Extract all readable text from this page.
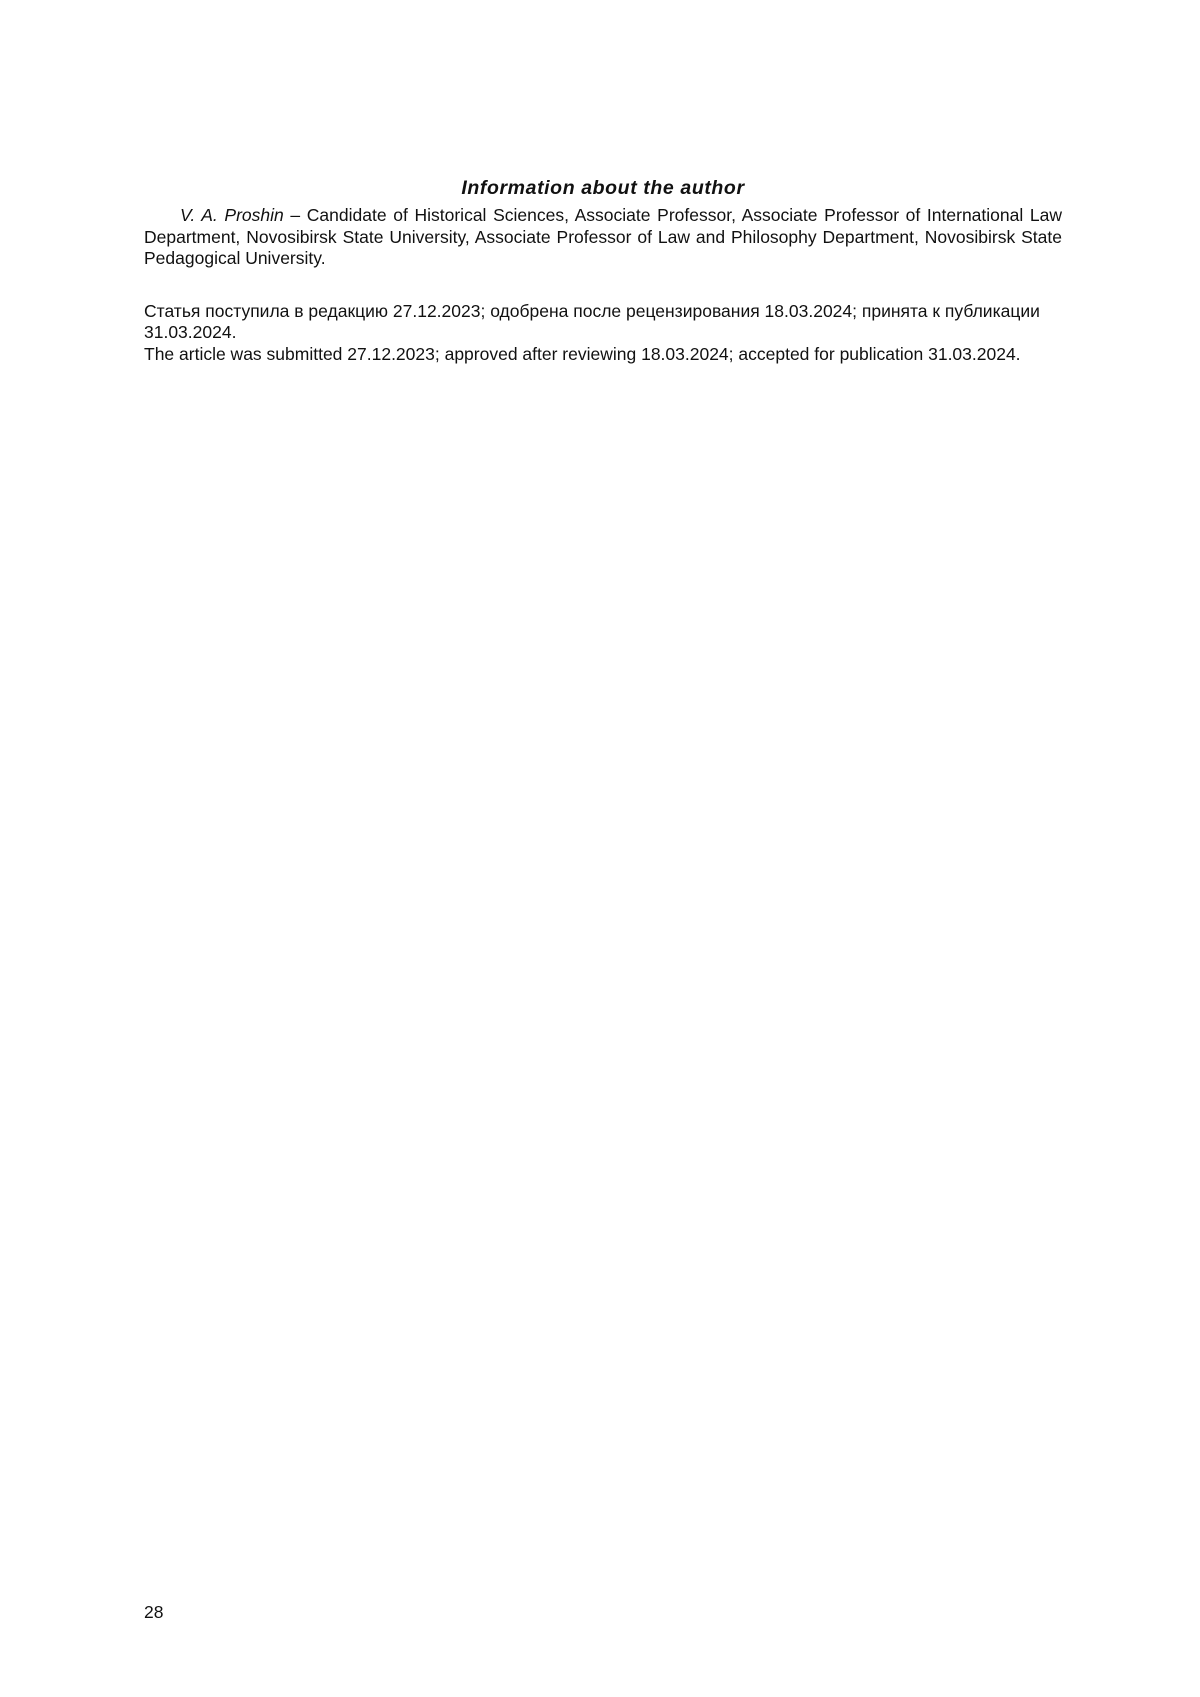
Information about the author

V. A. Proshin – Candidate of Historical Sciences, Associate Professor, Associate Professor of International Law Department, Novosibirsk State University, Associate Professor of Law and Philosophy Department, Novosibirsk State Pedagogical University.

Статья поступила в редакцию 27.12.2023; одобрена после рецензирования 18.03.2024; принята к публикации 31.03.2024.

The article was submitted 27.12.2023; approved after reviewing 18.03.2024; accepted for publication 31.03.2024.

28
